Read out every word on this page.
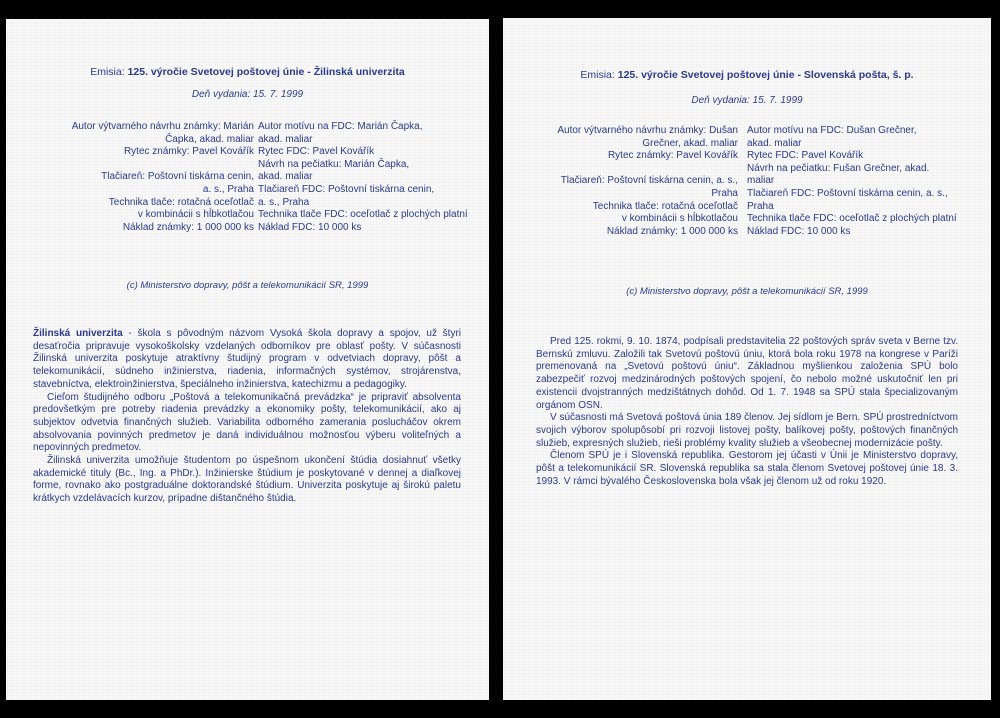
Emisia: 125. výročie Svetovej poštovej únie - Žilinská univerzita
Deň vydania: 15. 7. 1999
Autor výtvarného návrhu známky: Marián
Čapka, akad. maliar
Rytec známky: Pavel Kovářík
Tlačiareň: Poštovní tiskárna cenin,
a. s., Praha
Technika tlače: rotačná oceľotlač
v kombinácii s hĺbkotlačou
Náklad známky: 1 000 000 ks
Autor motívu na FDC: Marián Čapka,
akad. maliar
Rytec FDC: Pavel Kovářík
Návrh na pečiatku: Marián Čapka,
akad. maliar
Tlačiareň FDC: Poštovní tiskárna cenin,
a. s., Praha
Technika tlače FDC: oceľotlač z plochých platní
Náklad FDC: 10 000 ks
(c) Ministerstvo dopravy, pôšt a telekomunikácií SR, 1999

Žilinská univerzita - škola s pôvodným názvom Vysoká škola dopravy a spojov, už štyri desaťročia pripravuje vysokoškolsky vzdelaných odborníkov pre oblasť pošty. V súčasnosti Žilinská univerzita poskytuje atraktívny študijný program v odvetviach dopravy, pôšt a telekomunikácií, súdneho inžinierstva, riadenia, informačných systémov, strojárenstva, stavebníctva, elektroinžinierstva, špeciálneho inžinierstva, katechizmu a pedagogiky.

Cieľom študijného odboru „Poštová a telekomunikačná prevádzka“ je pripraviť absolventa predovšetkým pre potreby riadenia prevádzky a ekonomiky pošty, telekomunikácií, ako aj subjektov odvetvia finančných služieb. Variabilita odborného zamerania poslucháčov okrem absolvovania povinných predmetov je daná individuálnou možnosťou výberu voliteľných a nepovinných predmetov.

Žilinská univerzita umožňuje študentom po úspešnom ukončení štúdia dosiahnuť všetky akademické tituly (Bc., Ing. a PhDr.). Inžinierske štúdium je poskytované v dennej a diaľkovej forme, rovnako ako postgraduálne doktorandské štúdium. Univerzita poskytuje aj širokú paletu krátkych vzdelávacích kurzov, prípadne dištančného štúdia.

Emisia: 125. výročie Svetovej poštovej únie - Slovenská pošta, š. p.
Deň vydania: 15. 7. 1999
Autor výtvarného návrhu známky: Dušan
Grečner, akad. maliar
Rytec známky: Pavel Kovářík
Tlačiareň: Poštovní tiskárna cenin, a. s.,
Praha
Technika tlače: rotačná oceľotlač
v kombinácii s hĺbkotlačou
Náklad známky: 1 000 000 ks
Autor motívu na FDC: Dušan Grečner,
akad. maliar
Rytec FDC: Pavel Kovářík
Návrh na pečiatku: Fušan Grečner, akad.
maliar
Tlačiareň FDC: Poštovní tiskárna cenin, a. s.,
Praha
Technika tlače FDC: oceľotlač z plochých platní
Náklad FDC: 10 000 ks
(c) Ministerstvo dopravy, pôšt a telekomunikácií SR, 1999

Pred 125. rokmi, 9. 10. 1874, podpísali predstavitelia 22 poštových správ sveta v Berne tzv. Bernskú zmluvu. Založili tak Svetovú poštovú úniu, ktorá bola roku 1978 na kongrese v Paríži premenovaná na „Svetovú poštovú úniu“. Základnou myšlienkou založenia SPÚ bolo zabezpečiť rozvoj medzinárodných poštových spojení, čo nebolo možné uskutočniť len pri existencii dvojstranných medzištátnych dohôd. Od 1. 7. 1948 sa SPÚ stala špecializovaným orgánom OSN.

V súčasnosti má Svetová poštová únia 189 členov. Jej sídlom je Bern. SPÚ prostredníctvom svojich výborov spolupôsobí pri rozvoji listovej pošty, balíkovej pošty, poštových finančných služieb, expresných služieb, rieši problémy kvality služieb a všeobecnej modernizácie pošty.

Členom SPÚ je i Slovenská republika. Gestorom jej účasti v Únii je Ministerstvo dopravy, pôšt a telekomunikácií SR. Slovenská republika sa stala členom Svetovej poštovej únie 18. 3. 1993. V rámci bývalého Československa bola však jej členom už od roku 1920.
